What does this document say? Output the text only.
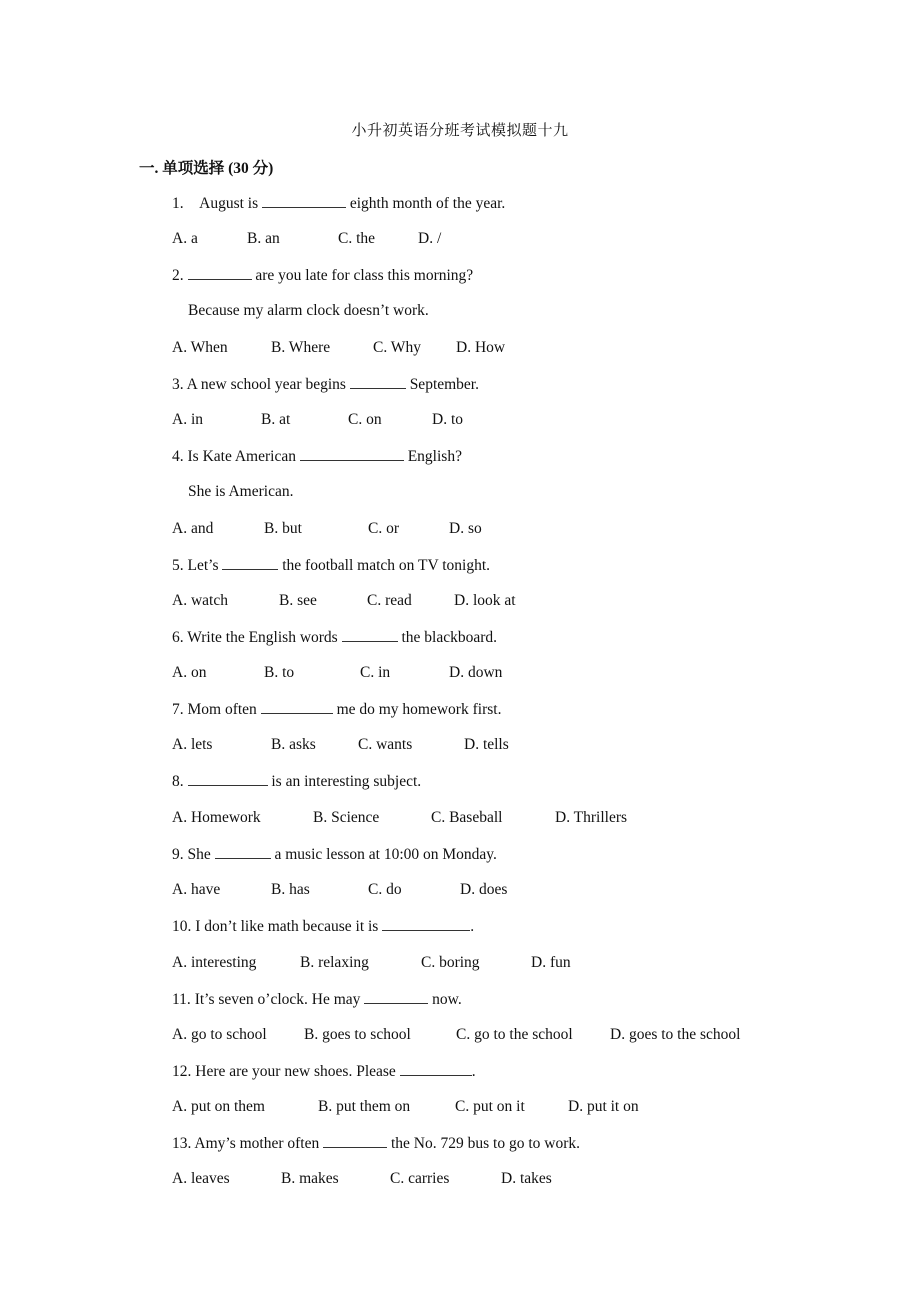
小升初英语分班考试模拟题十九
一. 单项选择 (30 分)
1. August is	eighth month of the year.
A. a	B. an	C. the	D. /
2.	are you late for class this morning?
Because my alarm clock doesn’t work.
A. When	B. Where	C. Why D. How
3. A new school year begins	September.
A. in	B. at	C. on	D. to
4. Is Kate American	English?
She is American.
A. and	B. but	C. or	D. so
5. Let’s	the football match on TV tonight.
A. watch	B. see	C. read	D. look at
6. Write the English words	the blackboard.
A. on	B. to	C. in	D. down
7. Mom often	me do my homework first.
A. lets	B. asks	C. wants	D. tells
8.	is an interesting subject.
A. Homework	B. Science	C. Baseball	D. Thrillers
9. She	a music lesson at 10:00 on Monday.
A. have	B. has	C. do	D. does
10. I don’t like math because it is	.
A. interesting	B. relaxing	C. boring	D. fun
11. It’s seven o’clock. He may	now.
A. go to school B. goes to school	C. go to the school D. goes to the school
12. Here are your new shoes. Please	.
A. put on them	B. put them on	C. put on it	D. put it on
13. Amy’s mother often	the No. 729 bus to go to work.
A. leaves	B. makes	C. carries	D. takes
